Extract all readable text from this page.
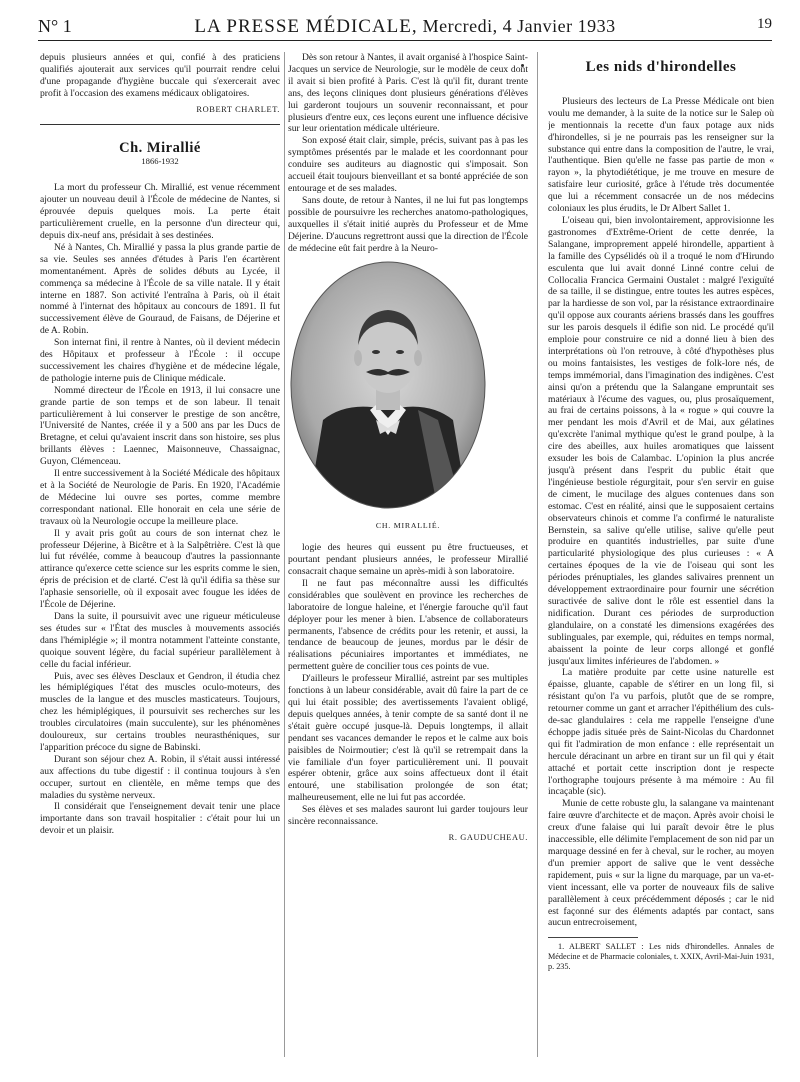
N° 1	LA PRESSE MÉDICALE, Mercredi, 4 Janvier 1933	19

depuis plusieurs années et qui, confié à des praticiens qualifiés ajouterait aux services qu'il pourrait rendre celui d'une propagande d'hygiène buccale qui s'exercerait avec profit à l'occasion des examens médicaux obligatoires.

ROBERT CHARLET.

Ch. Mirallié

1866-1932

La mort du professeur Ch. Mirallié, est venue récemment ajouter un nouveau deuil à l'École de médecine de Nantes, si éprouvée depuis quelques mois. La perte était particulièrement cruelle, en la personne d'un directeur qui, depuis dix-neuf ans, présidait à ses destinées.

Né à Nantes, Ch. Mirallié y passa la plus grande partie de sa vie. Seules ses années d'études à Paris l'en écartèrent momentanément. Après de solides débuts au Lycée, il commença sa médecine à l'École de sa ville natale. Il y était interne en 1887. Son activité l'entraîna à Paris, où il était nommé à l'internat des hôpitaux au concours de 1891. Il fut successivement élève de Gouraud, de Faisans, de Déjerine et de A. Robin.

Son internat fini, il rentre à Nantes, où il devient médecin des Hôpitaux et professeur à l'École : il occupe successivement les chaires d'hygiène et de médecine légale, de pathologie interne puis de Clinique médicale.

Nommé directeur de l'École en 1913, il lui consacre une grande partie de son temps et de son labeur. Il tenait particulièrement à lui conserver le prestige de son ancêtre, l'Université de Nantes, créée il y a 500 ans par les Ducs de Bretagne, et celui qu'avaient inscrit dans son histoire, ses plus brillants élèves : Laennec, Maisonneuve, Chassaignac, Guyon, Clémenceau.

Il entre successivement à la Société Médicale des hôpitaux et à la Société de Neurologie de Paris. En 1920, l'Académie de Médecine lui ouvre ses portes, comme membre correspondant national. Elle honorait en cela une série de travaux où la Neurologie occupe la meilleure place.

Il y avait pris goût au cours de son internat chez le professeur Déjerine, à Bicêtre et à la Salpêtrière. C'est là que lui fut révélée, comme à beaucoup d'autres la passionnante attirance qu'exerce cette science sur les esprits comme le sien, épris de précision et de clarté. C'est là qu'il édifia sa thèse sur l'aphasie sensorielle, où il exposait avec fougue les idées de l'École de Déjerine.

Dans la suite, il poursuivit avec une rigueur méticuleuse ses études sur « l'État des muscles à mouvements associés dans l'hémiplégie »; il montra notamment l'atteinte constante, quoique souvent légère, du facial supérieur parallèlement à celle du facial inférieur.

Puis, avec ses élèves Desclaux et Gendron, il étudia chez les hémiplégiques l'état des muscles oculo-moteurs, des muscles de la langue et des muscles masticateurs. Toujours, chez les hémiplégiques, il poursuivit ses recherches sur les troubles circulatoires (main succulente), sur les phénomènes douloureux, sur certains troubles neurasthéniques, sur l'apparition précoce du signe de Babinski.

Durant son séjour chez A. Robin, il s'était aussi intéressé aux affections du tube digestif : il continua toujours à s'en occuper, surtout en clientèle, en même temps que des maladies du système nerveux.

Il considérait que l'enseignement devait tenir une place importante dans son travail hospitalier : c'était pour lui un devoir et un plaisir.

Dès son retour à Nantes, il avait organisé à l'hospice Saint-Jacques un service de Neurologie, sur le modèle de ceux dont il avait si bien profité à Paris. C'est là qu'il fit, durant trente ans, des leçons cliniques dont plusieurs générations d'élèves lui garderont toujours un souvenir reconnaissant, et pour plusieurs d'entre eux, ces leçons eurent une influence décisive sur leur orientation médicale ultérieure.

Son exposé était clair, simple, précis, suivant pas à pas les symptômes présentés par le malade et les coordonnant pour conduire ses auditeurs au diagnostic qui s'imposait. Son accueil était toujours bienveillant et sa bonté appréciée de son entourage et de ses malades.

Sans doute, de retour à Nantes, il ne lui fut pas longtemps possible de poursuivre les recherches anatomo-pathologiques, auxquelles il s'était initié auprès du Professeur et de Mme Déjerine. D'aucuns regrettront aussi que la direction de l'École de médecine eût fait perdre à la Neuro-

CH. MIRALLIÉ.

logie des heures qui eussent pu être fructueuses, et pourtant pendant plusieurs années, le professeur Mirallié consacrait chaque semaine un après-midi à son laboratoire.

Il ne faut pas méconnaître aussi les difficultés considérables que soulèvent en province les recherches de laboratoire de longue haleine, et l'énergie farouche qu'il faut déployer pour les mener à bien. L'absence de collaborateurs permanents, l'absence de crédits pour les retenir, et aussi, la tendance de beaucoup de jeunes, mordus par le désir de réalisations pécuniaires importantes et immédiates, ne permettent guère de concilier tous ces points de vue.

D'ailleurs le professeur Mirallié, astreint par ses multiples fonctions à un labeur considérable, avait dû faire la part de ce qui lui était possible; des avertissements l'avaient obligé, depuis quelques années, à tenir compte de sa santé dont il ne s'était guère occupé jusque-là. Depuis longtemps, il allait pendant ses vacances demander le repos et le calme aux bois paisibles de Noirmoutier; c'est là qu'il se retrempait dans la vie familiale d'un foyer particulièrement uni. Il pouvait espérer obtenir, grâce aux soins affectueux dont il était entouré, une stabilisation prolongée de son état; malheureusement, elle ne lui fut pas accordée.

Ses élèves et ses malades sauront lui garder toujours leur sincère reconnaissance.

R. GAUDUCHEAU.

Les nids d'hirondelles

Plusieurs des lecteurs de La Presse Médicale ont bien voulu me demander, à la suite de la notice sur le Salep où je mentionnais la recette d'un faux potage aux nids d'hirondelles, si je ne pourrais pas les renseigner sur la substance qui entre dans la composition de l'autre, le vrai, l'authentique. Bien qu'elle ne fasse pas partie de mon « rayon », la phytodiététique, je me trouve en mesure de satisfaire leur curiosité, grâce à l'étude très documentée que lui a récemment consacrée un de nos médecins coloniaux les plus érudits, le Dr Albert Sallet 1.

L'oiseau qui, bien involontairement, approvisionne les gastronomes d'Extrême-Orient de cette denrée, la Salangane, improprement appelé hirondelle, appartient à la famille des Cypsélidés où il a troqué le nom d'Hirundo esculenta que lui avait donné Linné contre celui de Collocalia Francica Germaini Oustalet : malgré l'exiguïté de sa taille, il se distingue, entre toutes les autres espèces, par la hardiesse de son vol, par la résistance extraordinaire qu'il oppose aux courants aériens brassés dans les gouffres sur les parois desquels il édifie son nid. Le procédé qu'il emploie pour construire ce nid a donné lieu à bien des interprétations où l'on retrouve, à côté d'hypothèses plus ou moins fantaisistes, les vestiges de folk-lore nés, de temps immémorial, dans l'imagination des indigènes. C'est ainsi qu'on a prétendu que la Salangane empruntait ses matériaux à l'écume des vagues, ou, plus prosaïquement, au frai de certains poissons, à la « rogue » qui couvre la mer pendant les mois d'Avril et de Mai, aux gélatines qu'excrète l'animal mythique qu'est le grand poulpe, à la cire des abeilles, aux huiles aromatiques que laissent exsuder les bois de Calambac. L'opinion la plus ancrée jusqu'à présent dans l'esprit du public était que l'ingénieuse bestiole régurgitait, pour s'en servir en guise de ciment, le mucilage des algues contenues dans son estomac. C'est en réalité, ainsi que le supposaient certains observateurs chinois et comme l'a confirmé le naturaliste Bernstein, sa salive qu'elle utilise, salive qu'elle peut produire en quantités industrielles, par suite d'une particularité physiologique des plus curieuses : « A certaines époques de la vie de l'oiseau qui sont les périodes prénuptiales, les glandes salivaires prennent un développement extraordinaire pour fournir une sécrétion suractivée de salive dont le rôle est essentiel dans la nidification. Durant ces périodes de surproduction glandulaire, on a constaté les dimensions exagérées des sublinguales, par exemple, qui, réduites en temps normal, abaissent la pointe de leur corps allongé et gonflé jusqu'aux limites inférieures de l'abdomen. »

La matière produite par cette usine naturelle est épaisse, gluante, capable de s'étirer en un long fil, si résistant qu'on l'a vu parfois, plutôt que de se rompre, retourner comme un gant et arracher l'épithélium des culs-de-sac glandulaires : cela me rappelle l'enseigne d'une échoppe jadis située près de Saint-Nicolas du Chardonnet qui fit l'admiration de mon enfance : elle représentait un hercule déracinant un arbre en tirant sur un fil qui y était attaché et portait cette inscription dont je respecte l'orthographe toujours présente à ma mémoire : Au fil incaçable (sic).

Munie de cette robuste glu, la salangane va maintenant faire œuvre d'architecte et de maçon. Après avoir choisi le creux d'une falaise qui lui paraît devoir être le plus inaccessible, elle délimite l'emplacement de son nid par un marquage dessiné en fer à cheval, sur le rocher, au moyen d'un premier apport de salive que le vent dessèche rapidement, puis « sur la ligne du marquage, par un va-et-vient incessant, elle va porter de nouveaux fils de salive parallèlement à ceux précédemment déposés ; car le nid est façonné sur des éléments adaptés par contact, sans aucun entrecroisement,

1. ALBERT SALLET : Les nids d'hirondelles. Annales de Médecine et de Pharmacie coloniales, t. XXIX, Avril-Mai-Juin 1931, p. 235.
